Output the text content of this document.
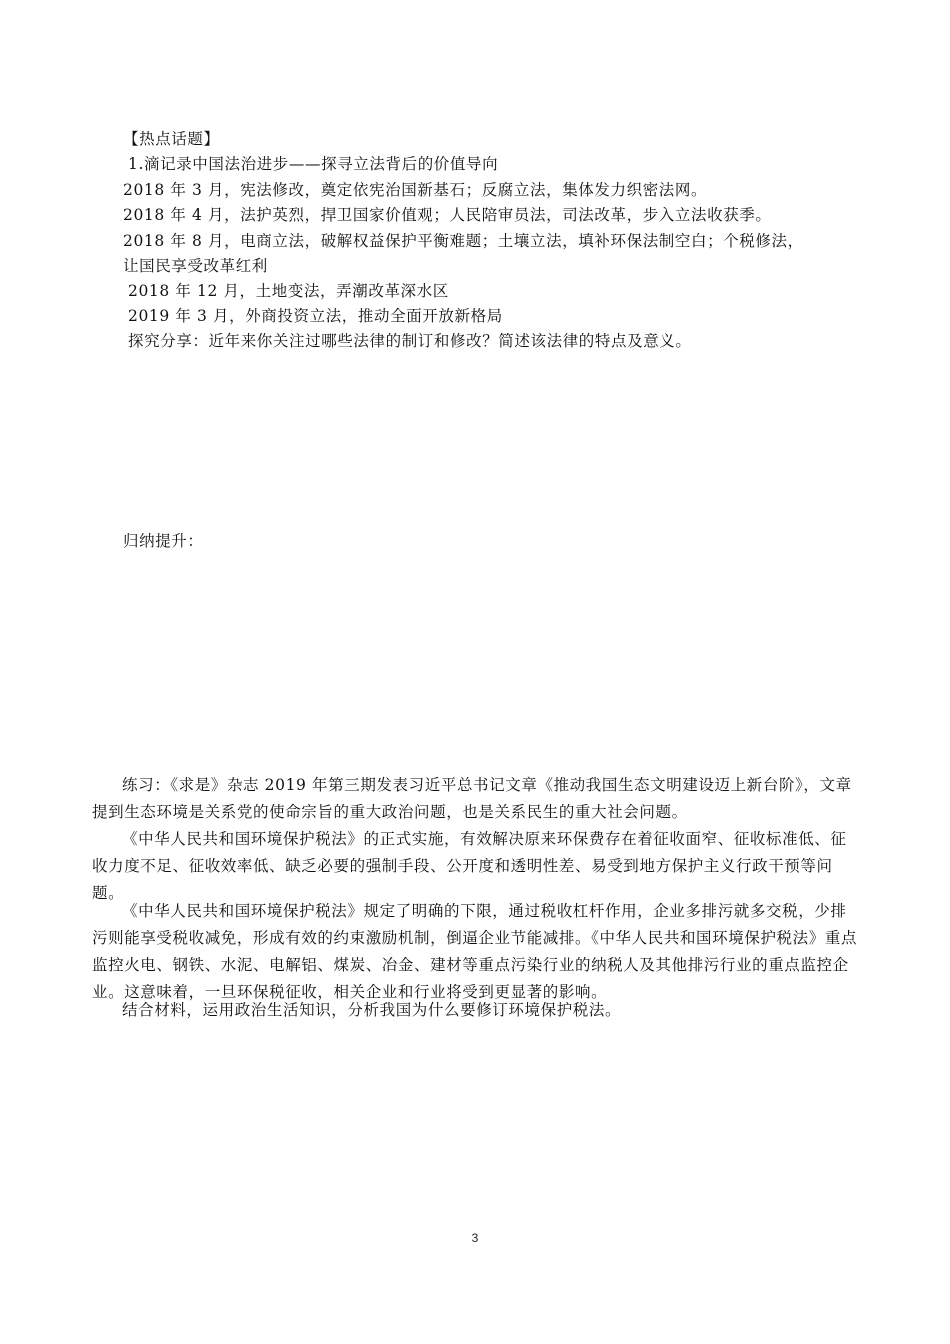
【热点话题】
1.滴记录中国法治进步——探寻立法背后的价值导向
2018 年 3 月，宪法修改，奠定依宪治国新基石；反腐立法，集体发力织密法网。
2018 年 4 月，法护英烈，捍卫国家价值观；人民陪审员法，司法改革，步入立法收获季。
2018 年 8 月，电商立法，破解权益保护平衡难题；土壤立法，填补环保法制空白；个税修法，
让国民享受改革红利
2018 年 12 月，土地变法，弄潮改革深水区
2019 年 3 月，外商投资立法，推动全面开放新格局
探究分享：近年来你关注过哪些法律的制订和修改？简述该法律的特点及意义。
归纳提升：
练习：《求是》杂志 2019 年第三期发表习近平总书记文章《推动我国生态文明建设迈上新台阶》，文章提到生态环境是关系党的使命宗旨的重大政治问题，也是关系民生的重大社会问题。
《中华人民共和国环境保护税法》的正式实施，有效解决原来环保费存在着征收面窄、征收标准低、征收力度不足、征收效率低、缺乏必要的强制手段、公开度和透明性差、易受到地方保护主义行政干预等问题。
《中华人民共和国环境保护税法》规定了明确的下限，通过税收杠杆作用，企业多排污就多交税，少排污则能享受税收减免，形成有效的约束激励机制，倒逼企业节能减排。《中华人民共和国环境保护税法》重点监控火电、钢铁、水泥、电解铝、煤炭、冶金、建材等重点污染行业的纳税人及其他排污行业的重点监控企业。这意味着，一旦环保税征收，相关企业和行业将受到更显著的影响。
结合材料，运用政治生活知识，分析我国为什么要修订环境保护税法。
3
